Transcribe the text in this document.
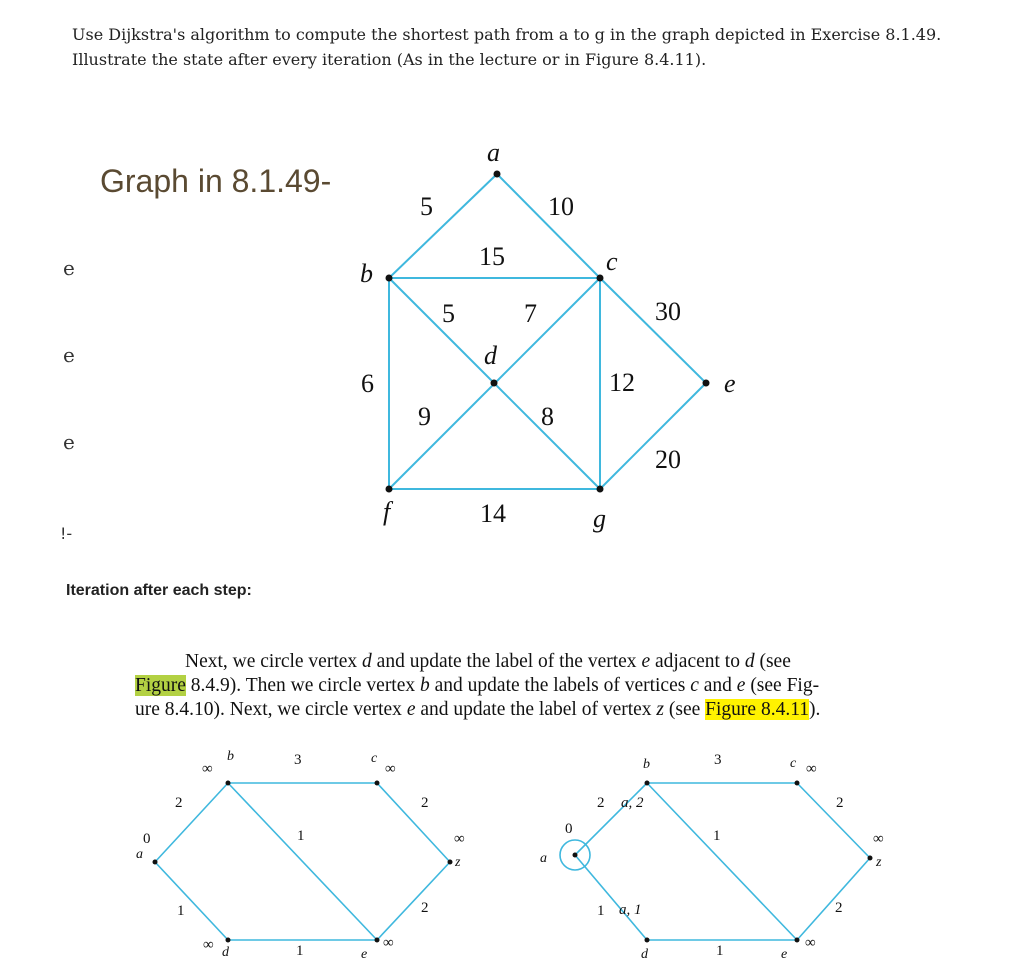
Use Dijkstra's algorithm to compute the shortest path from a to g in the graph depicted in Exercise 8.1.49.

Illustrate the state after every iteration (As in the lecture or in Figure 8.4.11).

e
e
e
!-
Graph in 8.1.49-
a
b	c
d
e
f	g
5	10
15
5	7	30
6
9	8
12
20
14
0
∞	∞
∞	∞
∞
2
3
1
1
1
2
2
a
b	c
d	e
z
0
a, 2
∞
a, 1
∞
∞
2
3
1
1
1
2
2
a
b	c
d	e
z
Iteration after each step:

Next, we circle vertex d and update the label of the vertex e adjacent to d (see

Figure 8.4.9). Then we circle vertex b and update the labels of vertices c and e (see Fig-

ure 8.4.10). Next, we circle vertex e and update the label of vertex z (see Figure 8.4.11).
